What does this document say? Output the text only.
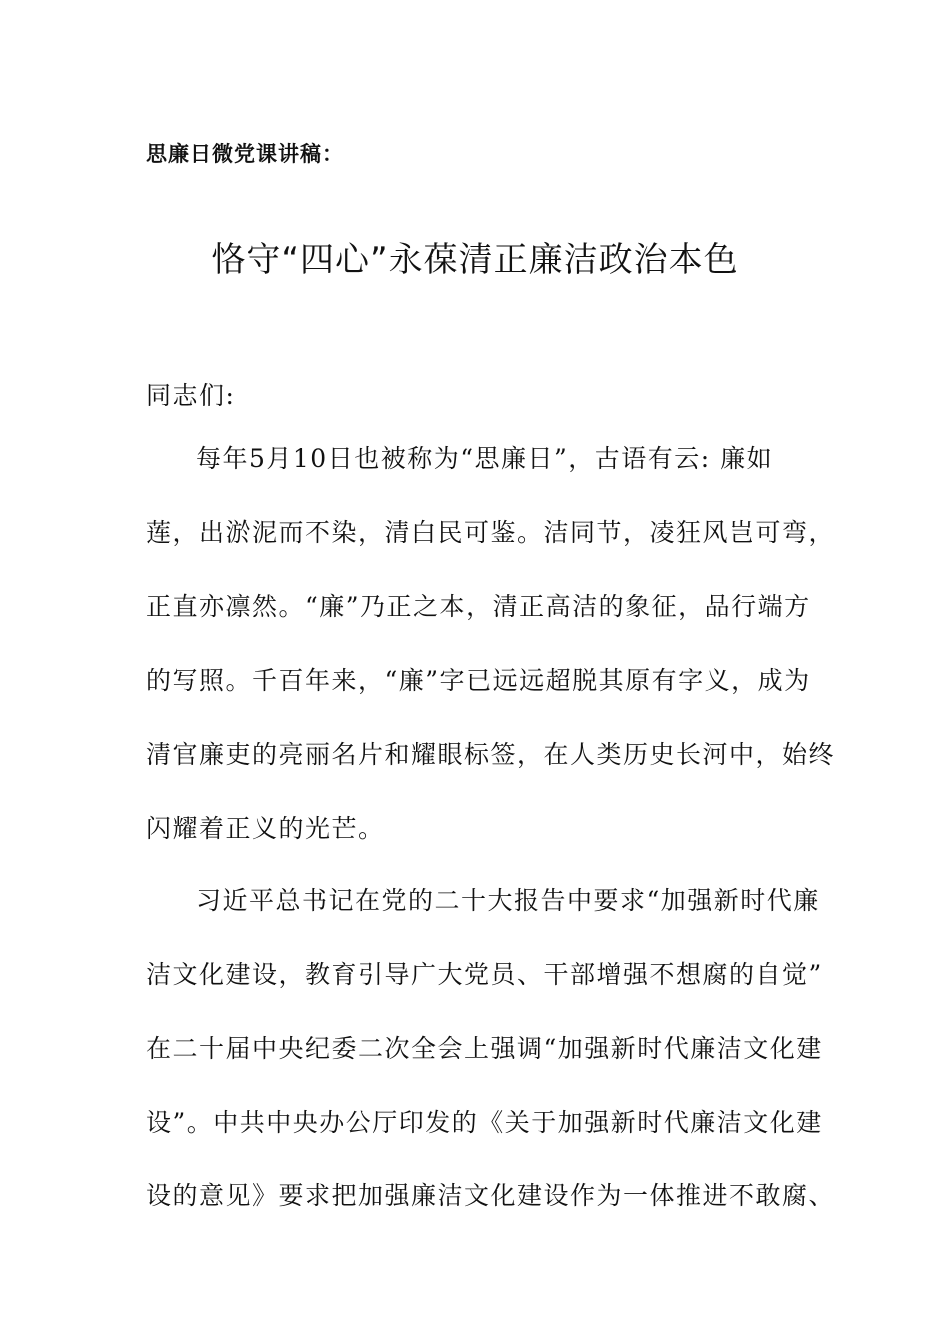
思廉日微党课讲稿：
恪守“四心”永葆清正廉洁政治本色
同志们:
每年5月10日也被称为“思廉日”，古语有云: 廉如
莲，出淤泥而不染，清白民可鉴。洁同节，凌狂风岂可弯，
正直亦凛然。“廉”乃正之本，清正高洁的象征，品行端方
的写照。千百年来，“廉”字已远远超脱其原有字义，成为
清官廉吏的亮丽名片和耀眼标签，在人类历史长河中，始终
闪耀着正义的光芒。
习近平总书记在党的二十大报告中要求“加强新时代廉
洁文化建设，教育引导广大党员、干部增强不想腐的自觉”
在二十届中央纪委二次全会上强调“加强新时代廉洁文化建
设”。中共中央办公厅印发的《关于加强新时代廉洁文化建
设的意见》要求把加强廉洁文化建设作为一体推进不敢腐、
